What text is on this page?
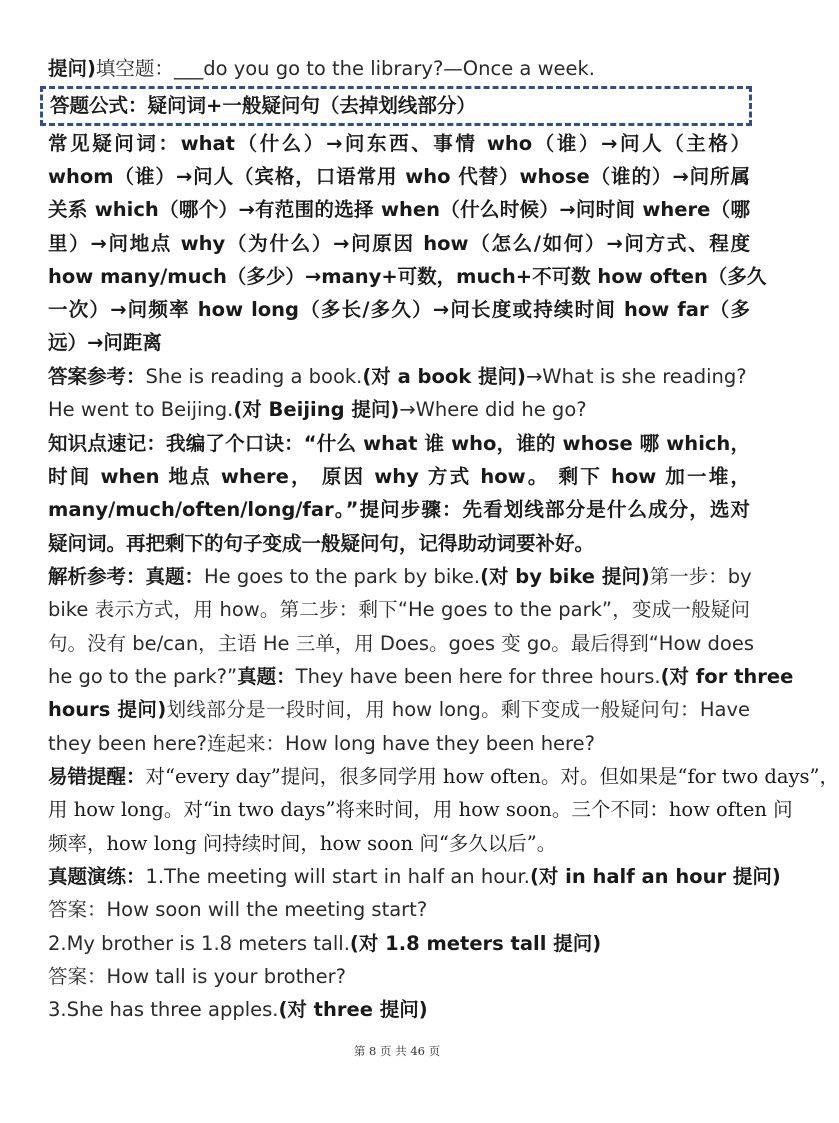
提问)填空题：___do you go to the library?—Once a week.
答题公式：疑问词+一般疑问句（去掉划线部分）
常见疑问词：what（什么）→问东西、事情 who（谁）→问人（主格）
whom（谁）→问人（宾格，口语常用 who 代替）whose（谁的）→问所属
关系 which（哪个）→有范围的选择 when（什么时候）→问时间 where（哪
里）→问地点 why（为什么）→问原因 how（怎么/如何）→问方式、程度
how many/much（多少）→many+可数，much+不可数 how often（多久
一次）→问频率 how long（多长/多久）→问长度或持续时间 how far（多
远）→问距离
答案参考：She is reading a book.(对 a book 提问)→What is she reading?
He went to Beijing.(对 Beijing 提问)→Where did he go?
知识点速记：我编了个口诀：“什么 what 谁 who，谁的 whose 哪 which，
时间 when 地点 where， 原因 why 方式 how。 剩下 how 加一堆，
many/much/often/long/far。”提问步骤：先看划线部分是什么成分，选对
疑问词。再把剩下的句子变成一般疑问句，记得助动词要补好。
解析参考：真题：He goes to the park by bike.(对 by bike 提问)第一步：by
bike 表示方式，用 how。第二步：剩下“He goes to the park”，变成一般疑问
句。没有 be/can，主语 He 三单，用 Does。goes 变 go。最后得到“How does
he go to the park?”真题：They have been here for three hours.(对 for three
hours 提问)划线部分是一段时间，用 how long。剩下变成一般疑问句：Have
they been here?连起来：How long have they been here?
易错提醒：对“every day”提问，很多同学用 how often。对。但如果是“for two days”，
用 how long。对“in two days”将来时间，用 how soon。三个不同：how often 问
频率，how long 问持续时间，how soon 问“多久以后”。
真题演练：1.The meeting will start in half an hour.(对 in half an hour 提问)
答案：How soon will the meeting start?
2.My brother is 1.8 meters tall.(对 1.8 meters tall 提问)
答案：How tall is your brother?
3.She has three apples.(对 three 提问)
第 8 页 共 46 页
